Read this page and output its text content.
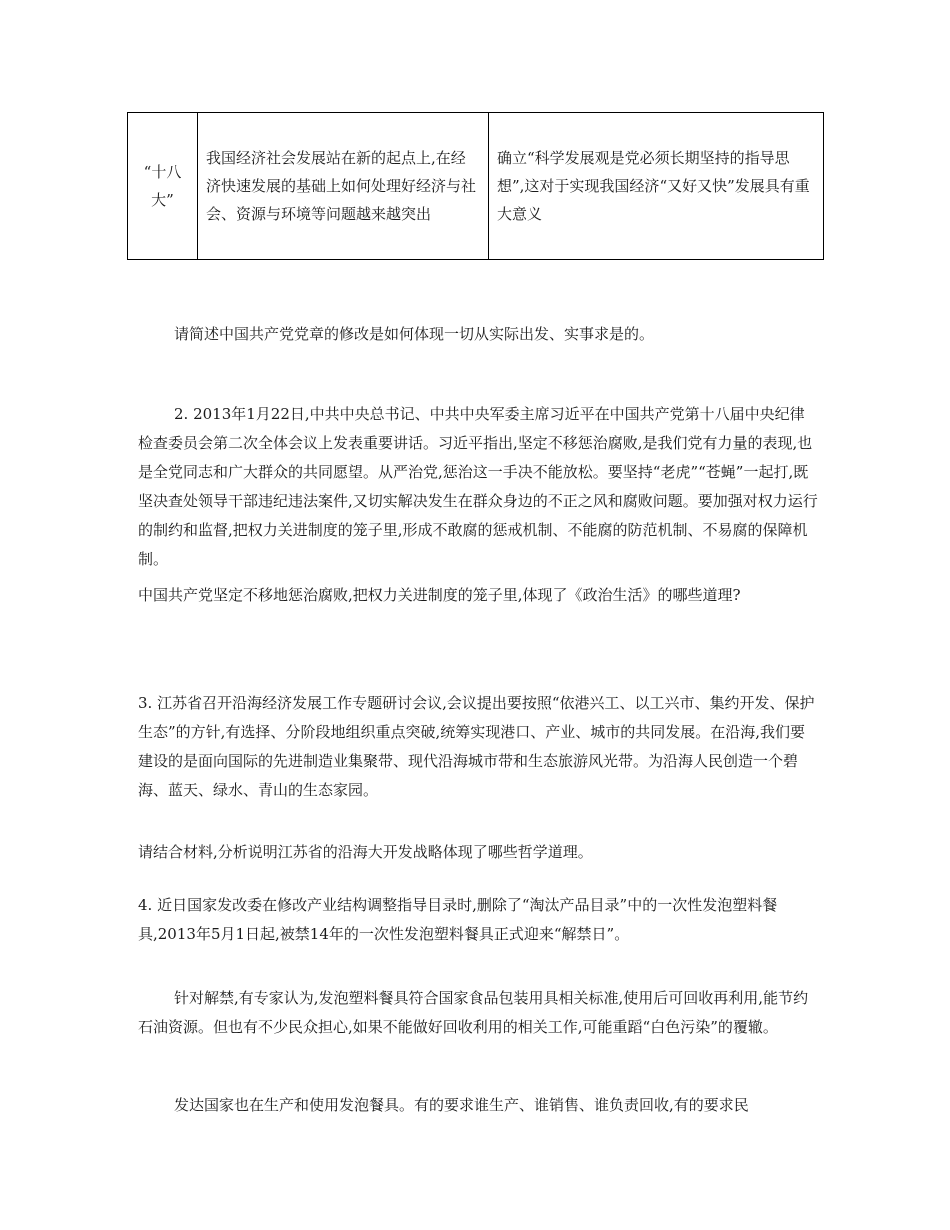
“十八大”	我国经济社会发展站在新的起点上,在经济快速发展的基础上如何处理好经济与社会、资源与环境等问题越来越突出	确立“科学发展观是党必须长期坚持的指导思想”,这对于实现我国经济“又好又快”发展具有重大意义

请简述中国共产党党章的修改是如何体现一切从实际出发、实事求是的。

2. 2013年1月22日,中共中央总书记、中共中央军委主席习近平在中国共产党第十八届中央纪律检查委员会第二次全体会议上发表重要讲话。习近平指出,坚定不移惩治腐败,是我们党有力量的表现,也是全党同志和广大群众的共同愿望。从严治党,惩治这一手决不能放松。要坚持“老虎”“苍蝇”一起打,既坚决查处领导干部违纪违法案件,又切实解决发生在群众身边的不正之风和腐败问题。要加强对权力运行的制约和监督,把权力关进制度的笼子里,形成不敢腐的惩戒机制、不能腐的防范机制、不易腐的保障机制。

中国共产党坚定不移地惩治腐败,把权力关进制度的笼子里,体现了《政治生活》的哪些道理?

3. 江苏省召开沿海经济发展工作专题研讨会议,会议提出要按照“依港兴工、以工兴市、集约开发、保护生态”的方针,有选择、分阶段地组织重点突破,统筹实现港口、产业、城市的共同发展。在沿海,我们要建设的是面向国际的先进制造业集聚带、现代沿海城市带和生态旅游风光带。为沿海人民创造一个碧海、蓝天、绿水、青山的生态家园。

请结合材料,分析说明江苏省的沿海大开发战略体现了哪些哲学道理。

4. 近日国家发改委在修改产业结构调整指导目录时,删除了“淘汰产品目录”中的一次性发泡塑料餐具,2013年5月1日起,被禁14年的一次性发泡塑料餐具正式迎来“解禁日”。

针对解禁,有专家认为,发泡塑料餐具符合国家食品包装用具相关标准,使用后可回收再利用,能节约石油资源。但也有不少民众担心,如果不能做好回收利用的相关工作,可能重蹈“白色污染”的覆辙。

发达国家也在生产和使用发泡餐具。有的要求谁生产、谁销售、谁负责回收,有的要求民
